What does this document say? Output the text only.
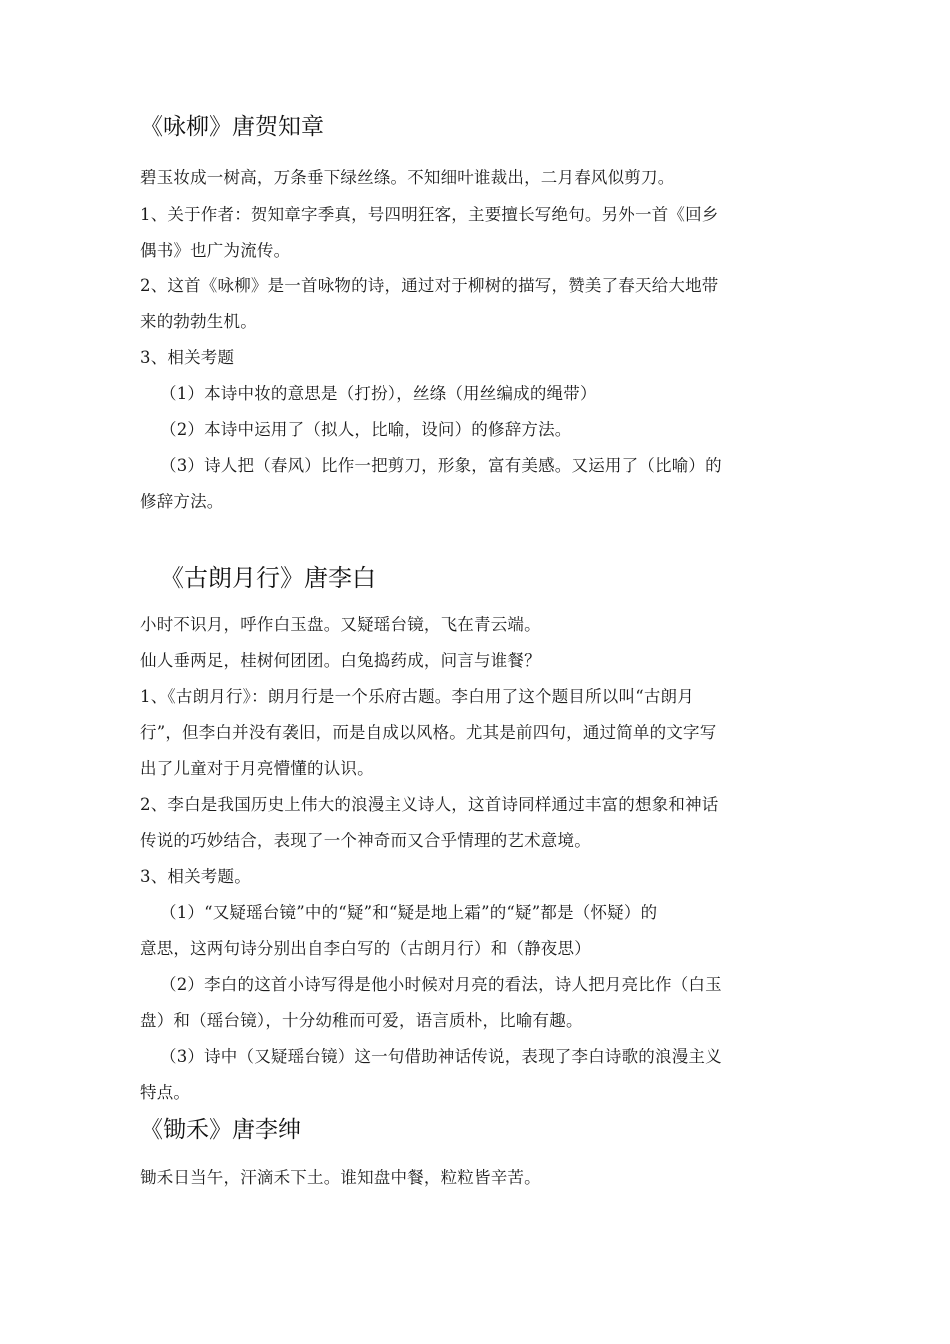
《咏柳》唐贺知章
碧玉妆成一树高，万条垂下绿丝绦。不知细叶谁裁出，二月春风似剪刀。
1、关于作者：贺知章字季真，号四明狂客，主要擅长写绝句。另外一首《回乡
偶书》也广为流传。
2、这首《咏柳》是一首咏物的诗，通过对于柳树的描写，赞美了春天给大地带
来的勃勃生机。
3、相关考题
（1）本诗中妆的意思是（打扮），丝绦（用丝编成的绳带）
（2）本诗中运用了（拟人，比喻，设问）的修辞方法。
（3）诗人把（春风）比作一把剪刀，形象，富有美感。又运用了（比喻）的
修辞方法。
《古朗月行》唐李白
小时不识月，呼作白玉盘。又疑瑶台镜，飞在青云端。
仙人垂两足，桂树何团团。白兔捣药成，问言与谁餐？
1、《古朗月行》：朗月行是一个乐府古题。李白用了这个题目所以叫“古朗月
行”，但李白并没有袭旧，而是自成以风格。尤其是前四句，通过简单的文字写
出了儿童对于月亮懵懂的认识。
2、李白是我国历史上伟大的浪漫主义诗人，这首诗同样通过丰富的想象和神话
传说的巧妙结合，表现了一个神奇而又合乎情理的艺术意境。
3、相关考题。
（1）“又疑瑶台镜”中的“疑”和“疑是地上霜”的“疑”都是（怀疑）的
意思，这两句诗分别出自李白写的（古朗月行）和（静夜思）
（2）李白的这首小诗写得是他小时候对月亮的看法，诗人把月亮比作（白玉
盘）和（瑶台镜），十分幼稚而可爱，语言质朴，比喻有趣。
（3）诗中（又疑瑶台镜）这一句借助神话传说，表现了李白诗歌的浪漫主义
特点。
《锄禾》唐李绅
锄禾日当午，汗滴禾下土。谁知盘中餐，粒粒皆辛苦。
